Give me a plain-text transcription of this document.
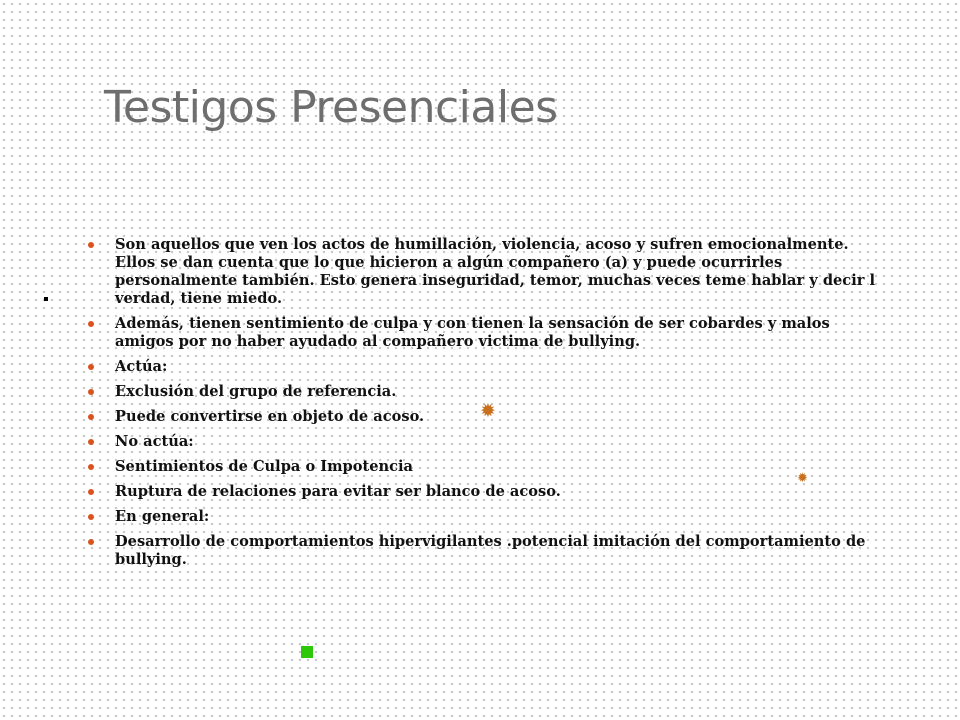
Testigos Presenciales
Son aquellos que ven los actos de humillación, violencia, acoso y sufren emocionalmente. Ellos se dan cuenta que lo que hicieron a algún compañero (a) y puede ocurrirles personalmente también. Esto genera inseguridad, temor, muchas veces teme hablar y decir l verdad, tiene miedo.
Además, tienen sentimiento de culpa y con tienen la sensación de ser cobardes y malos amigos por no haber ayudado al compañero victima de bullying.
Actúa:
Exclusión del grupo de referencia.
Puede convertirse en objeto de acoso.
No actúa:
Sentimientos de Culpa o Impotencia
Ruptura de relaciones para evitar ser blanco de acoso.
En general:
Desarrollo de comportamientos hipervigilantes .potencial imitación del comportamiento de bullying.
✹
✹
